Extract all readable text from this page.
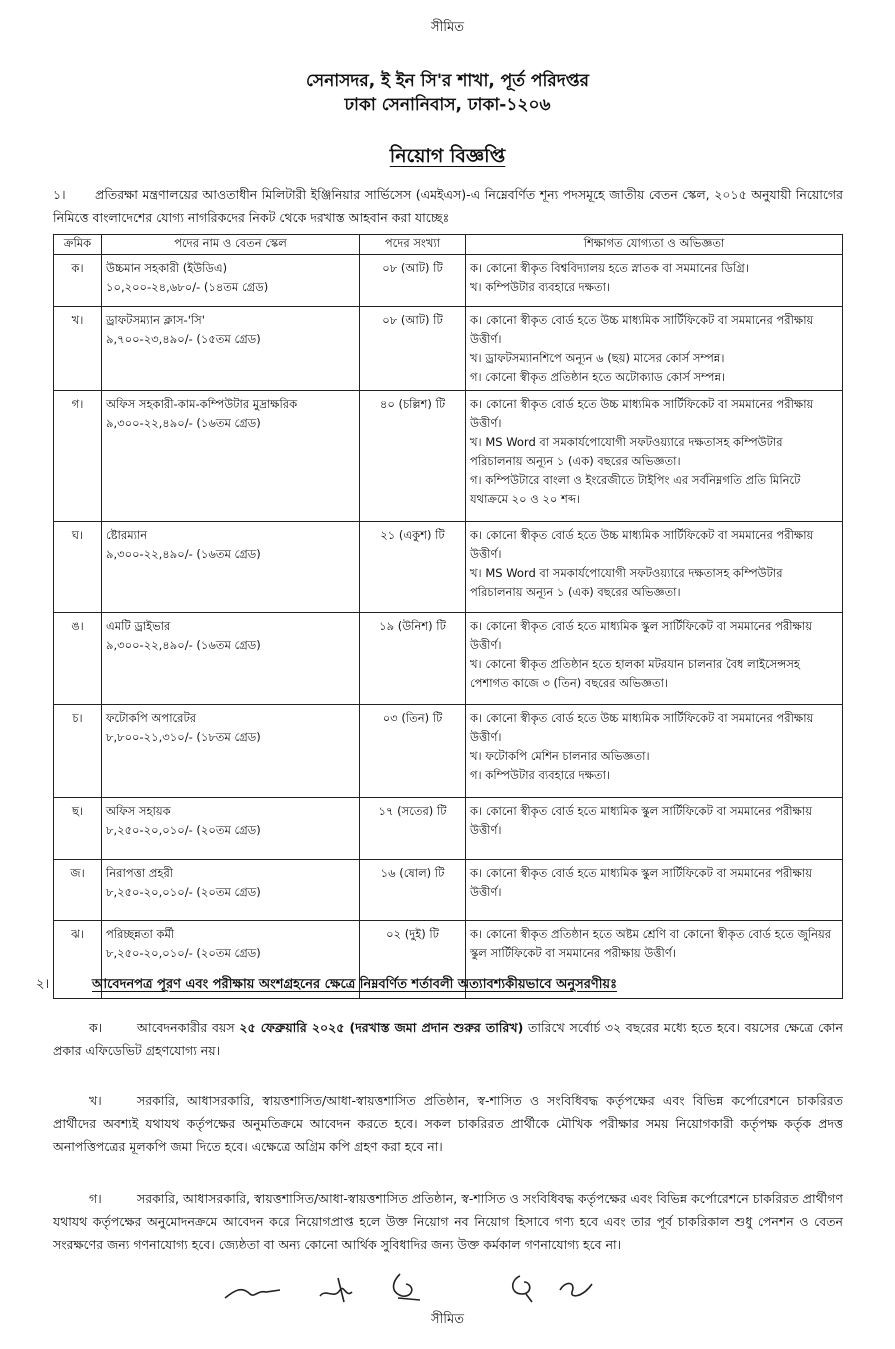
সীমিত
সেনাসদর, ই ইন সি'র শাখা, পূর্ত পরিদপ্তর
ঢাকা সেনানিবাস, ঢাকা-১২০৬
নিয়োগ বিজ্ঞপ্তি
১। প্রতিরক্ষা মন্ত্রণালয়ের আওতাধীন মিলিটারী ইঞ্জিনিয়ার সার্ভিসেস (এমইএস)-এ নিম্নেবর্ণিত শূন্য পদসমূহে জাতীয় বেতন স্কেল, ২০১৫ অনুযায়ী নিয়োগের নিমিত্তে বাংলাদেশের যোগ্য নাগরিকদের নিকট থেকে দরখাস্ত আহবান করা যাচ্ছেঃ
ক্রমিক	পদের নাম ও বেতন স্কেল	পদের সংখ্যা	শিক্ষাগত যোগ্যতা ও অভিজ্ঞতা
ক।	উচ্চমান সহকারী (ইউডিএ)
১০,২০০-২৪,৬৮০/- (১৪তম গ্রেড)	০৮ (আট) টি	ক। কোনো স্বীকৃত বিশ্ববিদ্যালয় হতে স্নাতক বা সমমানের ডিগ্রি।
খ। কম্পিউটার ব্যবহারে দক্ষতা।

খ।	ড্রাফটসম্যান ক্লাস-'সি'
৯,৭০০-২৩,৪৯০/- (১৫তম গ্রেড)	০৮ (আট) টি	ক। কোনো স্বীকৃত বোর্ড হতে উচ্চ মাধ্যমিক সার্টিফিকেট বা সমমানের পরীক্ষায় উত্তীর্ণ।
খ। ড্রাফটসম্যানশিপে অন্যূন ৬ (ছয়) মাসের কোর্স সম্পন্ন।
গ। কোনো স্বীকৃত প্রতিষ্ঠান হতে অটোক্যাড কোর্স সম্পন্ন।

গ।	অফিস সহকারী-কাম-কম্পিউটার মুদ্রাক্ষরিক
৯,৩০০-২২,৪৯০/- (১৬তম গ্রেড)	৪০ (চল্লিশ) টি	ক। কোনো স্বীকৃত বোর্ড হতে উচ্চ মাধ্যমিক সার্টিফিকেট বা সমমানের পরীক্ষায় উত্তীর্ণ।
খ। MS Word বা সমকার্যপোযোগী সফটওয়্যারে দক্ষতাসহ কম্পিউটার পরিচালনায় অন্যূন ১ (এক) বছরের অভিজ্ঞতা।
গ। কম্পিউটারে বাংলা ও ইংরেজীতে টাইপিং এর সর্বনিম্নগতি প্রতি মিনিটে যথাক্রমে ২০ ও ২০ শব্দ।

ঘ।	ষ্টোরম্যান
৯,৩০০-২২,৪৯০/- (১৬তম গ্রেড)	২১ (একুশ) টি	ক। কোনো স্বীকৃত বোর্ড হতে উচ্চ মাধ্যমিক সার্টিফিকেট বা সমমানের পরীক্ষায় উত্তীর্ণ।
খ। MS Word বা সমকার্যপোযোগী সফটওয়্যারে দক্ষতাসহ কম্পিউটার পরিচালনায় অন্যূন ১ (এক) বছরের অভিজ্ঞতা।

ঙ।	এমটি ড্রাইভার
৯,৩০০-২২,৪৯০/- (১৬তম গ্রেড)	১৯ (উনিশ) টি	ক। কোনো স্বীকৃত বোর্ড হতে মাধ্যমিক স্কুল সার্টিফিকেট বা সমমানের পরীক্ষায় উত্তীর্ণ।
খ। কোনো স্বীকৃত প্রতিষ্ঠান হতে হালকা মটরযান চালনার বৈধ লাইসেন্সসহ পেশাগত কাজে ৩ (তিন) বছরের অভিজ্ঞতা।

চ।	ফটোকপি অপারেটর
৮,৮০০-২১,৩১০/- (১৮তম গ্রেড)	০৩ (তিন) টি	ক। কোনো স্বীকৃত বোর্ড হতে উচ্চ মাধ্যমিক সার্টিফিকেট বা সমমানের পরীক্ষায় উত্তীর্ণ।
খ। ফটোকপি মেশিন চালনার অভিজ্ঞতা।
গ। কম্পিউটার ব্যবহারে দক্ষতা।

ছ।	অফিস সহায়ক
৮,২৫০-২০,০১০/- (২০তম গ্রেড)	১৭ (সতের) টি	ক। কোনো স্বীকৃত বোর্ড হতে মাধ্যমিক স্কুল সার্টিফিকেট বা সমমানের পরীক্ষায় উত্তীর্ণ।

জ।	নিরাপত্তা প্রহরী
৮,২৫০-২০,০১০/- (২০তম গ্রেড)	১৬ (ষোল) টি	ক। কোনো স্বীকৃত বোর্ড হতে মাধ্যমিক স্কুল সার্টিফিকেট বা সমমানের পরীক্ষায় উত্তীর্ণ।

ঝ।	পরিচ্ছন্নতা কর্মী
৮,২৫০-২০,০১০/- (২০তম গ্রেড)	০২ (দুই) টি	ক। কোনো স্বীকৃত প্রতিষ্ঠান হতে অষ্টম শ্রেণি বা কোনো স্বীকৃত বোর্ড হতে জুনিয়র স্কুল সার্টিফিকেট বা সমমানের পরীক্ষায় উত্তীর্ণ।
২।	আবেদনপত্র পূরণ এবং পরীক্ষায় অংশগ্রহনের ক্ষেত্রে নিম্নবর্ণিত শর্তাবলী অত্যাবশ্যকীয়ভাবে অনুসরণীয়ঃ
ক।	আবেদনকারীর বয়স ২৫ ফেব্রুয়ারি ২০২৫ (দরখাস্ত জমা প্রদান শুরুর তারিখ) তারিখে সর্বোর্চ ৩২ বছরের মধ্যে হতে হবে। বয়সের ক্ষেত্রে কোন প্রকার এফিডেভিট গ্রহণযোগ্য নয়।
খ।	সরকারি, আধাসরকারি, স্বায়ত্তশাসিত/আধা-স্বায়ত্তশাসিত প্রতিষ্ঠান, স্ব-শাসিত ও সংবিধিবদ্ধ কর্তৃপক্ষের এবং বিভিন্ন কর্পোরেশনে চাকরিরত প্রার্থীদের অবশ্যই যথাযথ কর্তৃপক্ষের অনুমতিক্রমে আবেদন করতে হবে। সকল চাকরিরত প্রার্থীকে মৌখিক পরীক্ষার সময় নিয়োগকারী কর্তৃপক্ষ কর্তৃক প্রদত্ত অনাপত্তিপত্রের মূলকপি জমা দিতে হবে। এক্ষেত্রে অগ্রিম কপি গ্রহণ করা হবে না।
গ।	সরকারি, আধাসরকারি, স্বায়ত্তশাসিত/আধা-স্বায়ত্তশাসিত প্রতিষ্ঠান, স্ব-শাসিত ও সংবিধিবদ্ধ কর্তৃপক্ষের এবং বিভিন্ন কর্পোরেশনে চাকরিরত প্রার্থীগণ যথাযথ কর্তৃপক্ষের অনুমোদনক্রমে আবেদন করে নিয়োগপ্রাপ্ত হলে উক্ত নিয়োগ নব নিয়োগ হিসাবে গণ্য হবে এবং তার পূর্ব চাকরিকাল শুধু পেনশন ও বেতন সংরক্ষণের জন্য গণনাযোগ্য হবে। জ্যেষ্ঠতা বা অন্য কোনো আর্থিক সুবিধাদির জন্য উক্ত কর্মকাল গণনাযোগ্য হবে না।
সীমিত
